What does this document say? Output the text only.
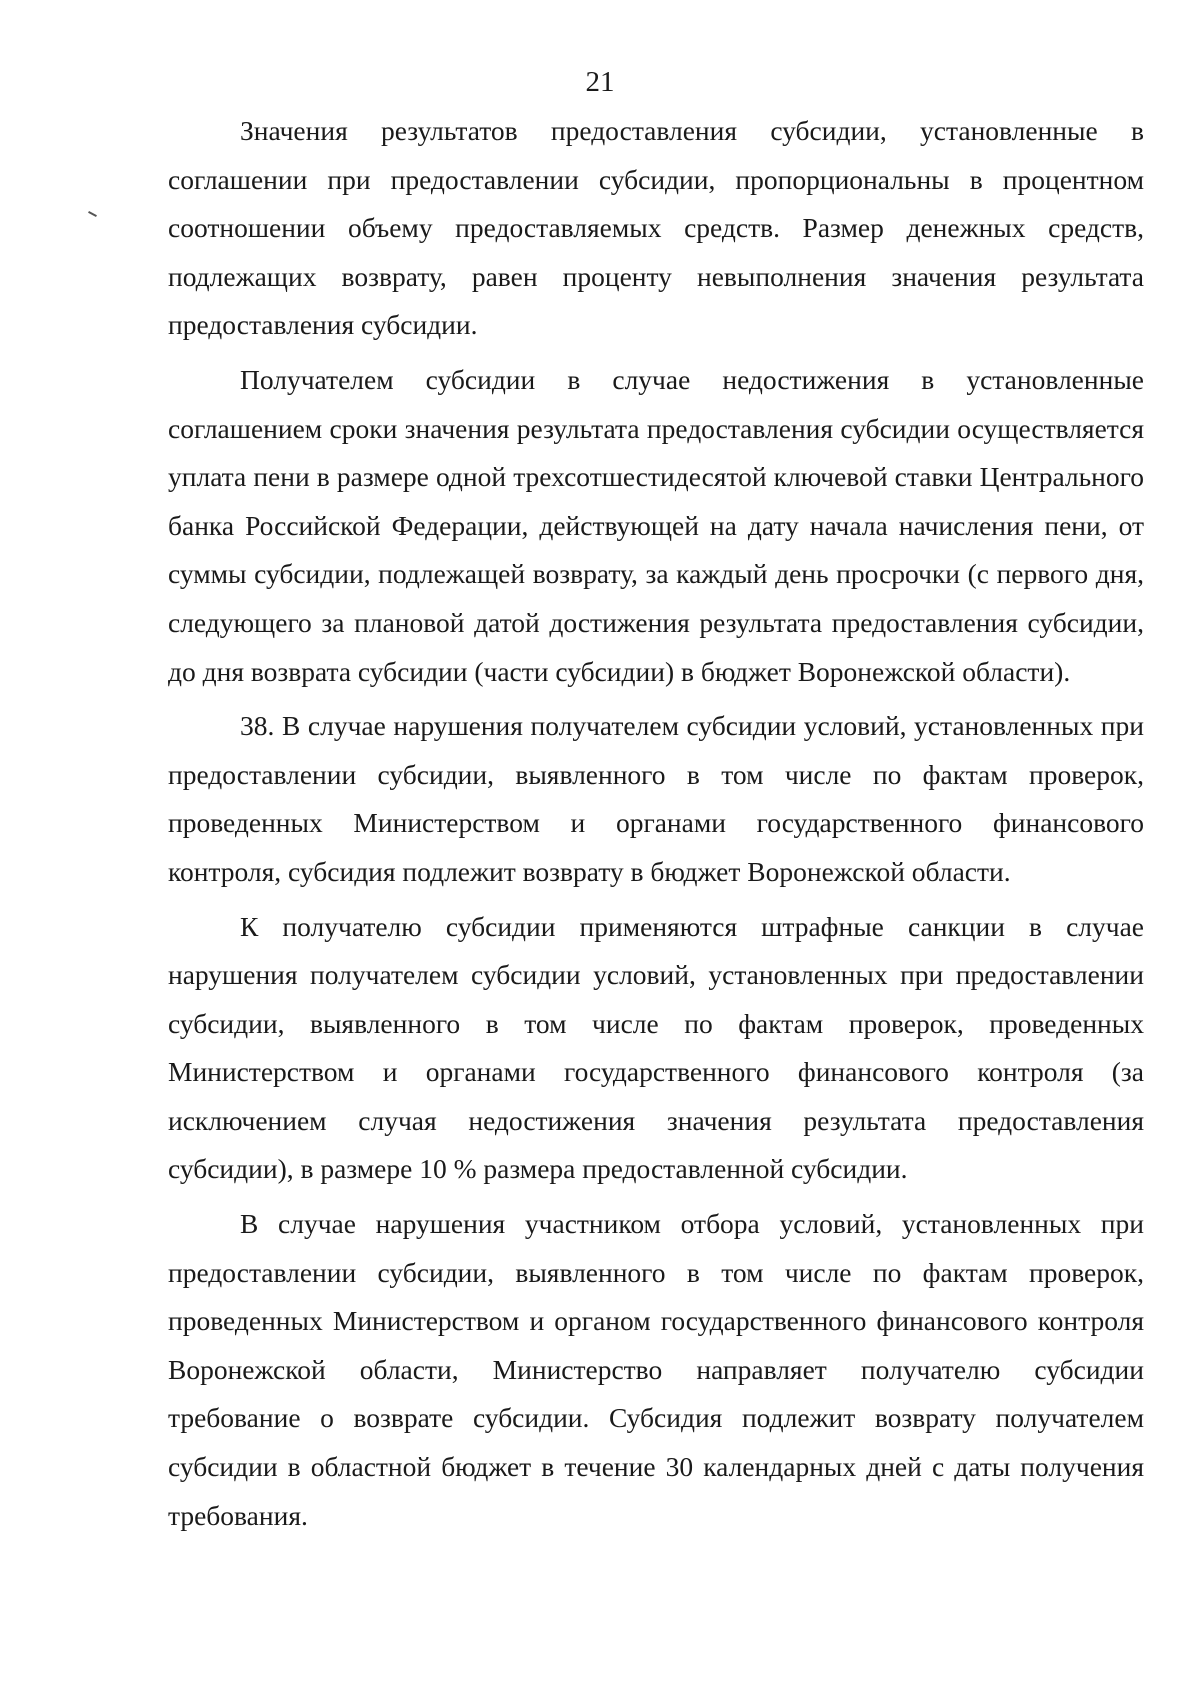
21

Значения результатов предоставления субсидии, установленные в соглашении при предоставлении субсидии, пропорциональны в процентном соотношении объему предоставляемых средств. Размер денежных средств, подлежащих возврату, равен проценту невыполнения значения результата предоставления субсидии.

Получателем субсидии в случае недостижения в установленные соглашением сроки значения результата предоставления субсидии осуществляется уплата пени в размере одной трехсотшестидесятой ключевой ставки Центрального банка Российской Федерации, действующей на дату начала начисления пени, от суммы субсидии, подлежащей возврату, за каждый день просрочки (с первого дня, следующего за плановой датой достижения результата предоставления субсидии, до дня возврата субсидии (части субсидии) в бюджет Воронежской области).

38. В случае нарушения получателем субсидии условий, установленных при предоставлении субсидии, выявленного в том числе по фактам проверок, проведенных Министерством и органами государственного финансового контроля, субсидия подлежит возврату в бюджет Воронежской области.

К получателю субсидии применяются штрафные санкции в случае нарушения получателем субсидии условий, установленных при предоставлении субсидии, выявленного в том числе по фактам проверок, проведенных Министерством и органами государственного финансового контроля (за исключением случая недостижения значения результата предоставления субсидии), в размере 10 % размера предоставленной субсидии.

В случае нарушения участником отбора условий, установленных при предоставлении субсидии, выявленного в том числе по фактам проверок, проведенных Министерством и органом государственного финансового контроля Воронежской области, Министерство направляет получателю субсидии требование о возврате субсидии. Субсидия подлежит возврату получателем субсидии в областной бюджет в течение 30 календарных дней с даты получения требования.
